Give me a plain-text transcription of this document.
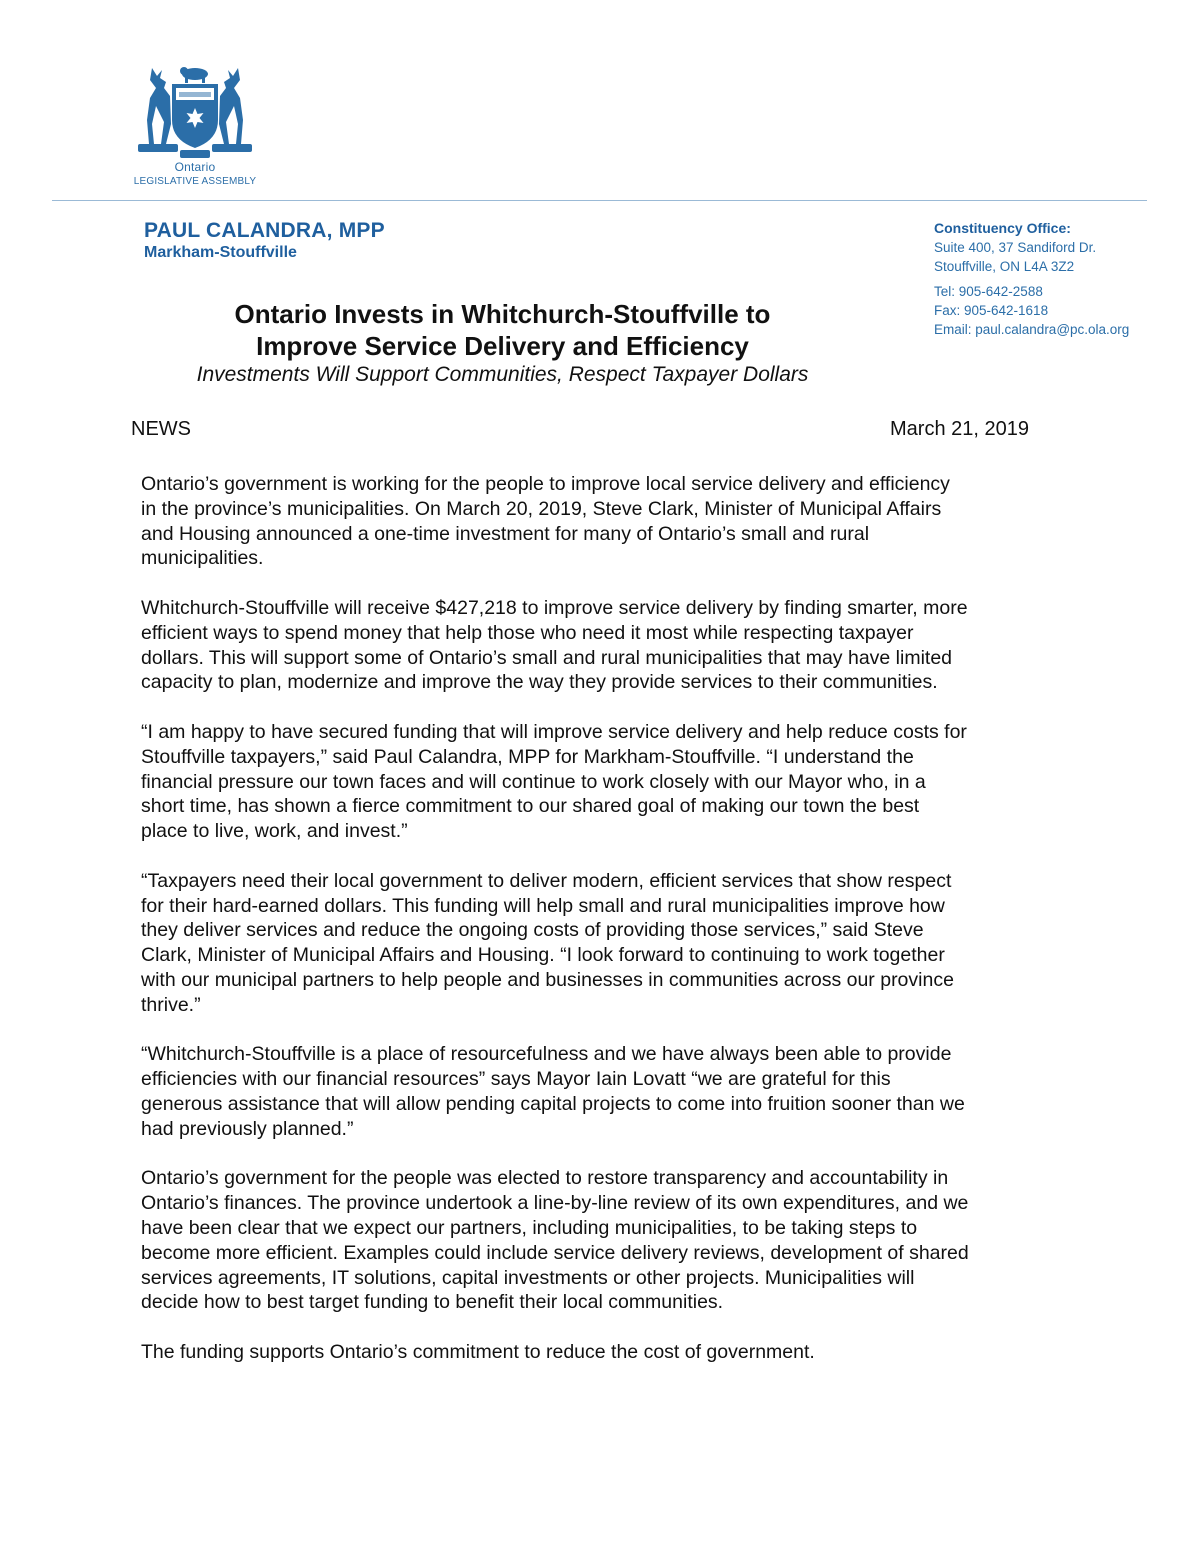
Ontario
LEGISLATIVE ASSEMBLY
PAUL CALANDRA, MPP
Markham-Stouffville
Constituency Office:
Suite 400, 37 Sandiford Dr.
Stouffville, ON L4A 3Z2
Tel: 905-642-2588
Fax: 905-642-1618
Email: paul.calandra@pc.ola.org
Ontario Invests in Whitchurch-Stouffville to
Improve Service Delivery and Efficiency
Investments Will Support Communities, Respect Taxpayer Dollars
NEWS	March 21, 2019

Ontario’s government is working for the people to improve local service delivery and efficiency
in the province’s municipalities. On March 20, 2019, Steve Clark, Minister of Municipal Affairs
and Housing announced a one-time investment for many of Ontario’s small and rural
municipalities.

Whitchurch-Stouffville will receive $427,218 to improve service delivery by finding smarter, more
efficient ways to spend money that help those who need it most while respecting taxpayer
dollars. This will support some of Ontario’s small and rural municipalities that may have limited
capacity to plan, modernize and improve the way they provide services to their communities.

“I am happy to have secured funding that will improve service delivery and help reduce costs for
Stouffville taxpayers,” said Paul Calandra, MPP for Markham-Stouffville. “I understand the
financial pressure our town faces and will continue to work closely with our Mayor who, in a
short time, has shown a fierce commitment to our shared goal of making our town the best
place to live, work, and invest.”

“Taxpayers need their local government to deliver modern, efficient services that show respect
for their hard-earned dollars. This funding will help small and rural municipalities improve how
they deliver services and reduce the ongoing costs of providing those services,” said Steve
Clark, Minister of Municipal Affairs and Housing. “I look forward to continuing to work together
with our municipal partners to help people and businesses in communities across our province
thrive.”

“Whitchurch-Stouffville is a place of resourcefulness and we have always been able to provide
efficiencies with our financial resources” says Mayor Iain Lovatt “we are grateful for this
generous assistance that will allow pending capital projects to come into fruition sooner than we
had previously planned.”

Ontario’s government for the people was elected to restore transparency and accountability in
Ontario’s finances. The province undertook a line-by-line review of its own expenditures, and we
have been clear that we expect our partners, including municipalities, to be taking steps to
become more efficient. Examples could include service delivery reviews, development of shared
services agreements, IT solutions, capital investments or other projects. Municipalities will
decide how to best target funding to benefit their local communities.

The funding supports Ontario’s commitment to reduce the cost of government.
